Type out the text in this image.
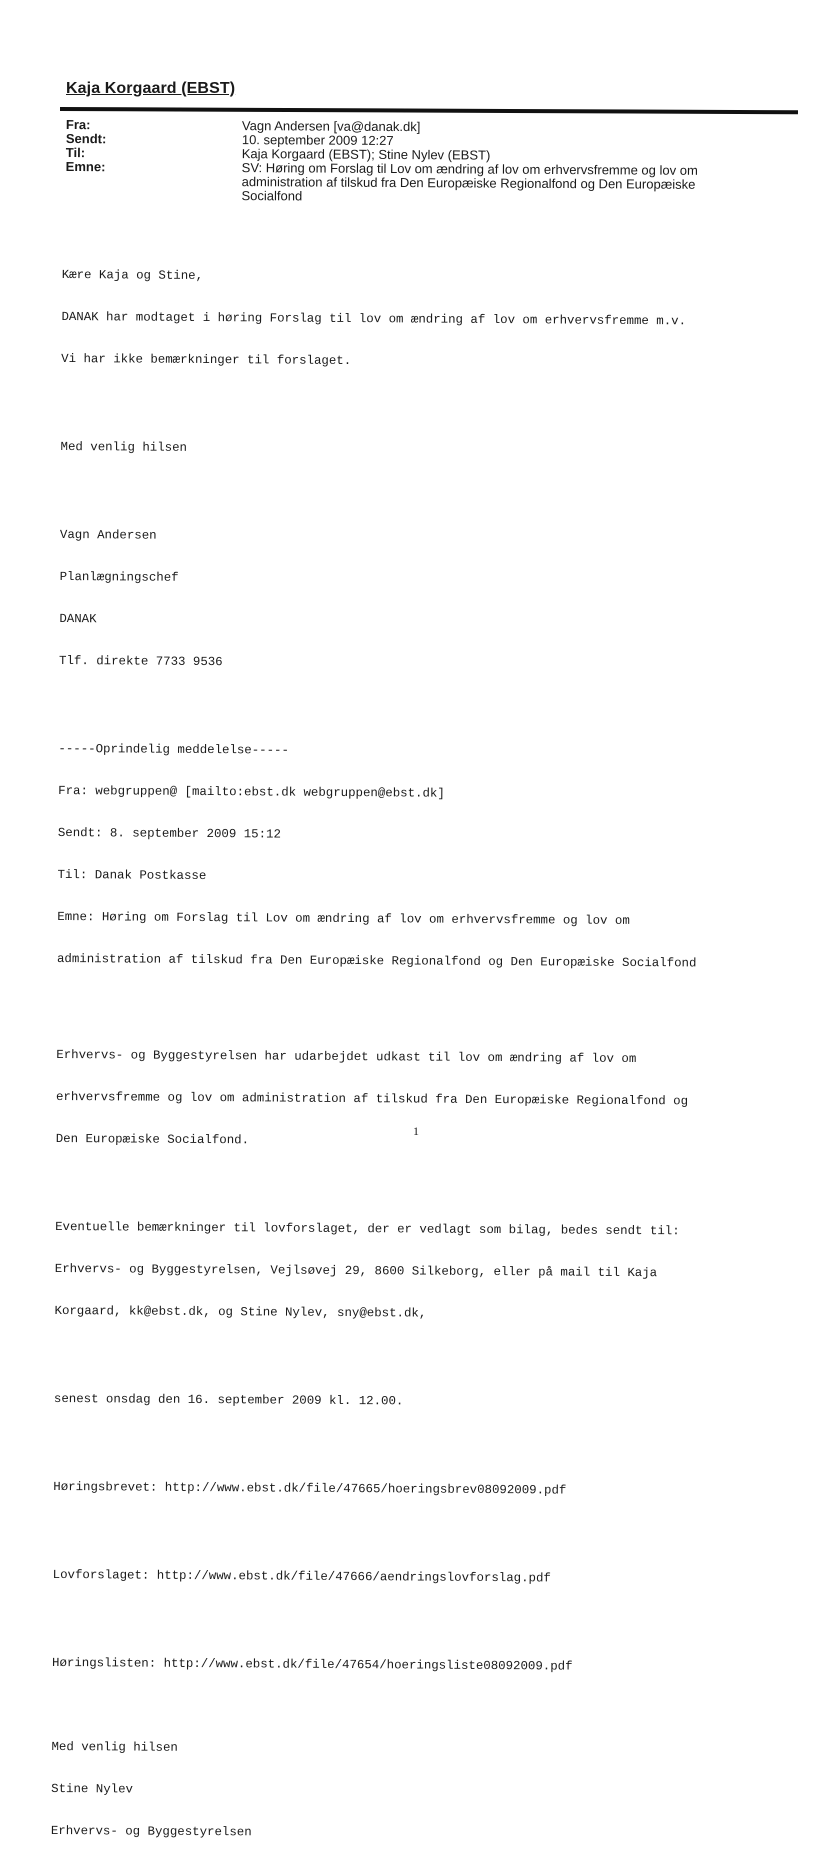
Kaja Korgaard (EBST)
Fra:	Vagn Andersen [va@danak.dk]
Sendt:	10. september 2009 12:27
Til:	Kaja Korgaard (EBST); Stine Nylev (EBST)
Emne:	SV: Høring om Forslag til Lov om ændring af lov om erhvervsfremme og lov om administration af tilskud fra Den Europæiske Regionalfond og Den Europæiske Socialfond

Kære Kaja og Stine,

DANAK har modtaget i høring Forslag til lov om ændring af lov om erhvervsfremme m.v.

Vi har ikke bemærkninger til forslaget.

Med venlig hilsen

Vagn Andersen

Planlægningschef

DANAK

Tlf. direkte 7733 9536

-----Oprindelig meddelelse-----

Fra: webgruppen@ [mailto:ebst.dk webgruppen@ebst.dk]

Sendt: 8. september 2009 15:12

Til: Danak Postkasse

Emne: Høring om Forslag til Lov om ændring af lov om erhvervsfremme og lov om

administration af tilskud fra Den Europæiske Regionalfond og Den Europæiske Socialfond

Erhvervs- og Byggestyrelsen har udarbejdet udkast til lov om ændring af lov om

erhvervsfremme og lov om administration af tilskud fra Den Europæiske Regionalfond og

Den Europæiske Socialfond.

Eventuelle bemærkninger til lovforslaget, der er vedlagt som bilag, bedes sendt til:

Erhvervs- og Byggestyrelsen, Vejlsøvej 29, 8600 Silkeborg, eller på mail til Kaja

Korgaard, kk@ebst.dk, og Stine Nylev, sny@ebst.dk,

senest onsdag den 16. september 2009 kl. 12.00.

Høringsbrevet: http://www.ebst.dk/file/47665/hoeringsbrev08092009.pdf

Lovforslaget: http://www.ebst.dk/file/47666/aendringslovforslag.pdf

Høringslisten: http://www.ebst.dk/file/47654/hoeringsliste08092009.pdf

Med venlig hilsen

Stine Nylev

Erhvervs- og Byggestyrelsen

1
